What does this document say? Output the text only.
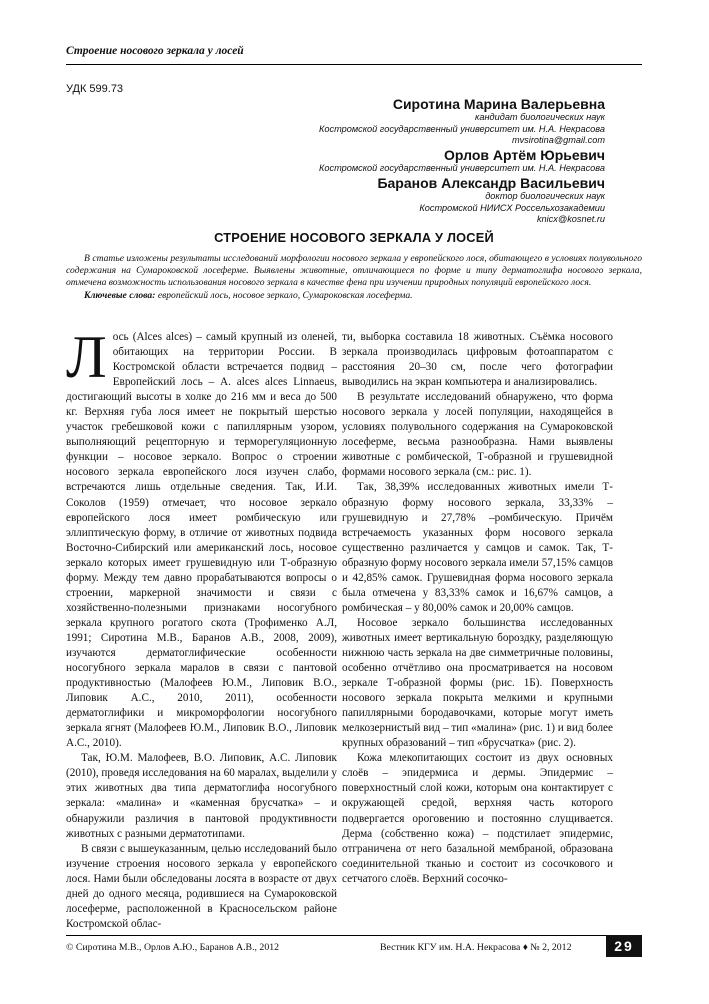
Строение носового зеркала у лосей
УДК 599.73
Сиротина Марина Валерьевна
кандидат биологических наук
Костромской государственный университет им. Н.А. Некрасова
mvsirotina@gmail.com
Орлов Артём Юрьевич
Костромской государственный университет им. Н.А. Некрасова
Баранов Александр Васильевич
доктор биологических наук
Костромской НИИСХ Россельхозакадемии
knicx@kosnet.ru
СТРОЕНИЕ НОСОВОГО ЗЕРКАЛА У ЛОСЕЙ

В статье изложены результаты исследований морфологии носового зеркала у европейского лося, обитающего в условиях полувольного содержания на Сумароковской лосеферме. Выявлены животные, отличающиеся по форме и типу дерматоглифа носового зеркала, отмечена возможность использования носового зеркала в качестве фена при изучении природных популяций европейского лося.

Ключевые слова: европейский лось, носовое зеркало, Сумароковская лосеферма.

Лось (Alces alces) – самый крупный из оленей, обитающих на территории России. В Костромской области встречается подвид – Европейский лось – A. alces alces Linnaeus, достигающий высоты в холке до 216 мм и веса до 500 кг. Верхняя губа лося имеет не покрытый шерстью участок гребешковой кожи с папиллярным узором, выполняющий рецепторную и терморегуляционную функции – носовое зеркало. Вопрос о строении носового зеркала европейского лося изучен слабо, встречаются лишь отдельные сведения. Так, И.И. Соколов (1959) отмечает, что носовое зеркало европейского лося имеет ромбическую или эллиптическую форму, в отличие от животных подвида Восточно-Сибирский или американский лось, носовое зеркало которых имеет грушевидную или Т-образную форму. Между тем давно прорабатываются вопросы о строении, маркерной значимости и связи с хозяйственно-полезными признаками носогубного зеркала крупного рогатого скота (Трофименко А.Л, 1991; Сиротина М.В., Баранов А.В., 2008, 2009), изучаются дерматоглифические особенности носогубного зеркала маралов в связи с пантовой продуктивностью (Малофеев Ю.М., Липовик В.О., Липовик А.С., 2010, 2011), особенности дерматоглифики и микроморфологии носогубного зеркала ягнят (Малофеев Ю.М., Липовик В.О., Липовик А.С., 2010).

Так, Ю.М. Малофеев, В.О. Липовик, А.С. Липовик (2010), проведя исследования на 60 маралах, выделили у этих животных два типа дерматоглифа носогубного зеркала: «малина» и «каменная брусчатка» – и обнаружили различия в пантовой продуктивности животных с разными дерматотипами.

В связи с вышеуказанным, целью исследований было изучение строения носового зеркала у европейского лося. Нами были обследованы лосята в возрасте от двух дней до одного месяца, родившиеся на Сумароковской лосеферме, расположенной в Красносельском районе Костромской облас-

ти, выборка составила 18 животных. Съёмка носового зеркала производилась цифровым фотоаппаратом с расстояния 20–30 см, после чего фотографии выводились на экран компьютера и анализировались.

В результате исследований обнаружено, что форма носового зеркала у лосей популяции, находящейся в условиях полувольного содержания на Сумароковской лосеферме, весьма разнообразна. Нами выявлены животные с ромбической, Т-образной и грушевидной формами носового зеркала (см.: рис. 1).

Так, 38,39% исследованных животных имели Т-образную форму носового зеркала, 33,33% – грушевидную и 27,78% –ромбическую. Причём встречаемость указанных форм носового зеркала существенно различается у самцов и самок. Так, Т-образную форму носового зеркала имели 57,15% самцов и 42,85% самок. Грушевидная форма носового зеркала была отмечена у 83,33% самок и 16,67% самцов, а ромбическая – у 80,00% самок и 20,00% самцов.

Носовое зеркало большинства исследованных животных имеет вертикальную бороздку, разделяющую нижнюю часть зеркала на две симметричные половины, особенно отчётливо она просматривается на носовом зеркале Т-образной формы (рис. 1Б). Поверхность носового зеркала покрыта мелкими и крупными папиллярными бородавочками, которые могут иметь мелкозернистый вид – тип «малина» (рис. 1) и вид более крупных образований – тип «брусчатка» (рис. 2).

Кожа млекопитающих состоит из двух основных слоёв – эпидермиса и дермы. Эпидермис – поверхностный слой кожи, которым она контактирует с окружающей средой, верхняя часть которого подвергается ороговению и постоянно слущивается. Дерма (собственно кожа) – подстилает эпидермис, отграничена от него базальной мембраной, образована соединительной тканью и состоит из сосочкового и сетчатого слоёв. Верхний сосочко-

© Сиротина М.В., Орлов А.Ю., Баранов А.В., 2012	Вестник КГУ им. Н.А. Некрасова ♦ № 2, 2012	29
